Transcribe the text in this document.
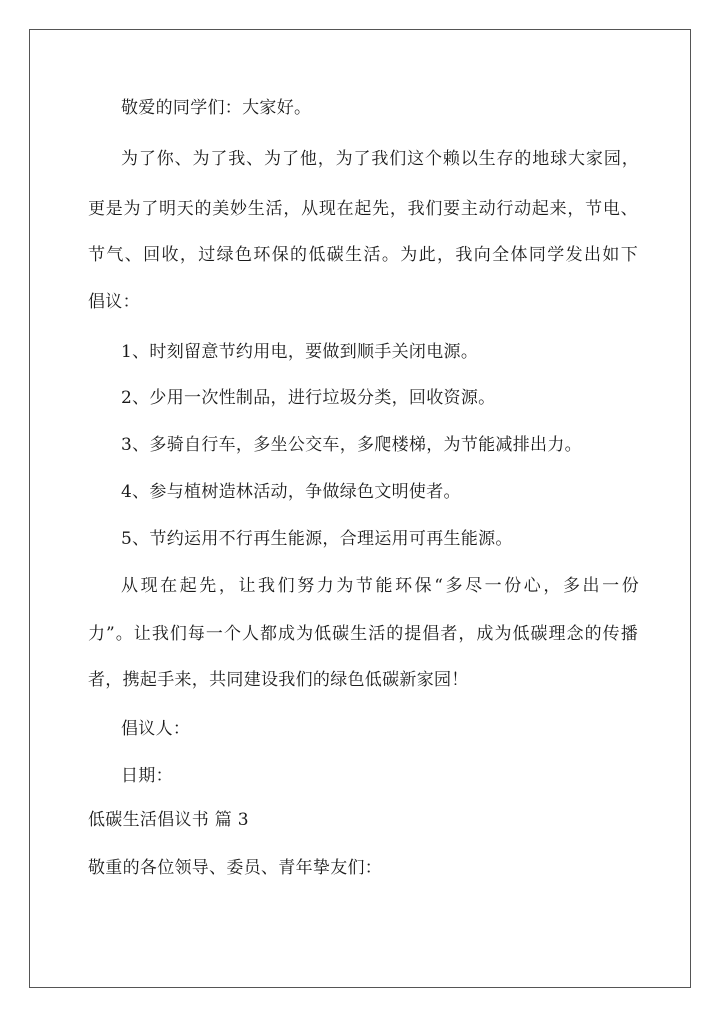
敬爱的同学们：大家好。
为了你、为了我、为了他，为了我们这个赖以生存的地球大家园，
更是为了明天的美妙生活，从现在起先，我们要主动行动起来，节电、
节气、回收，过绿色环保的低碳生活。为此，我向全体同学发出如下
倡议：
1、时刻留意节约用电，要做到顺手关闭电源。
2、少用一次性制品，进行垃圾分类，回收资源。
3、多骑自行车，多坐公交车，多爬楼梯，为节能减排出力。
4、参与植树造林活动，争做绿色文明使者。
5、节约运用不行再生能源，合理运用可再生能源。
从现在起先，让我们努力为节能环保“多尽一份心，多出一份
力”。让我们每一个人都成为低碳生活的提倡者，成为低碳理念的传播
者，携起手来，共同建设我们的绿色低碳新家园！
倡议人：
日期：
低碳生活倡议书 篇 3
敬重的各位领导、委员、青年挚友们：
